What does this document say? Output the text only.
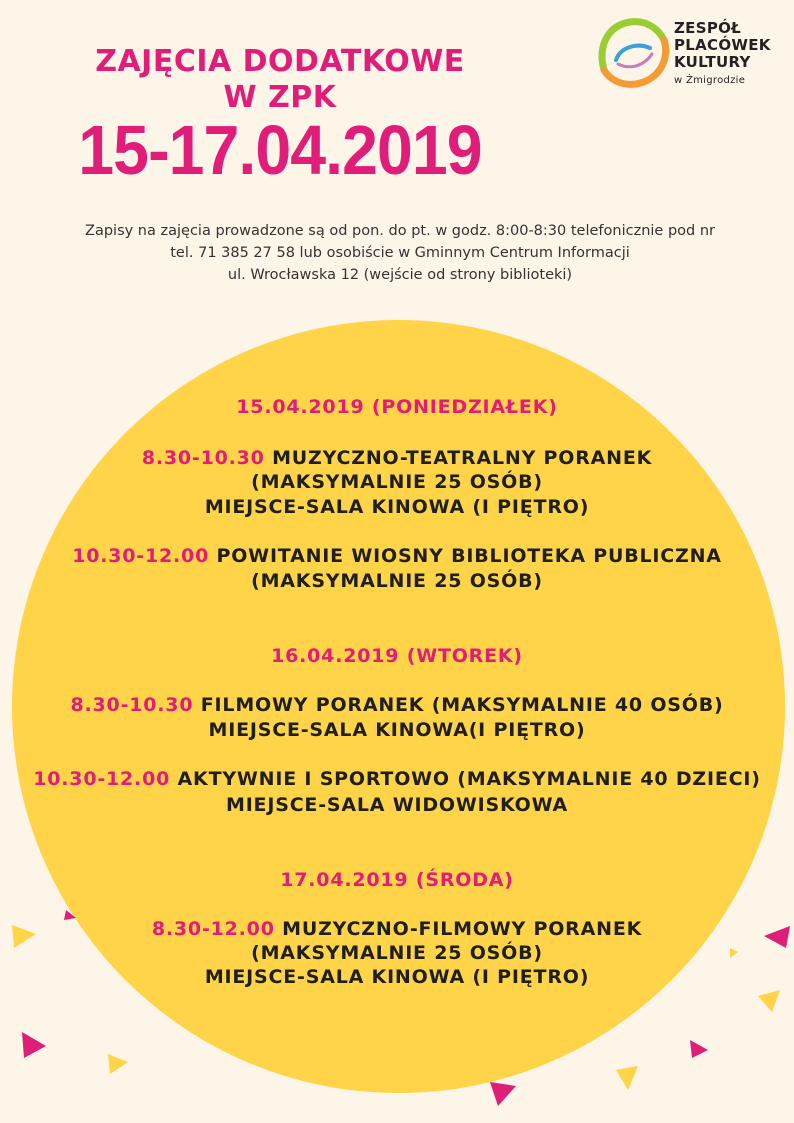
ZAJĘCIA DODATKOWE
W ZPK
15-17.04.2019
ZESPÓŁ
PLACÓWEK
KULTURY
w Żmigrodzie
Zapisy na zajęcia prowadzone są od pon. do pt. w godz. 8:00-8:30 telefonicznie pod nr
tel. 71 385 27 58 lub osobiście w Gminnym Centrum Informacji
ul. Wrocławska 12 (wejście od strony biblioteki)
15.04.2019 (PONIEDZIAŁEK)
8.30-10.30 MUZYCZNO-TEATRALNY PORANEK
(MAKSYMALNIE 25 OSÓB)
MIEJSCE-SALA KINOWA (I PIĘTRO)
10.30-12.00 POWITANIE WIOSNY BIBLIOTEKA PUBLICZNA
(MAKSYMALNIE 25 OSÓB)
16.04.2019 (WTOREK)
8.30-10.30 FILMOWY PORANEK (MAKSYMALNIE 40 OSÓB)
MIEJSCE-SALA KINOWA(I PIĘTRO)
10.30-12.00 AKTYWNIE I SPORTOWO (MAKSYMALNIE 40 DZIECI)
MIEJSCE-SALA WIDOWISKOWA
17.04.2019 (ŚRODA)
8.30-12.00 MUZYCZNO-FILMOWY PORANEK
(MAKSYMALNIE 25 OSÓB)
MIEJSCE-SALA KINOWA (I PIĘTRO)
